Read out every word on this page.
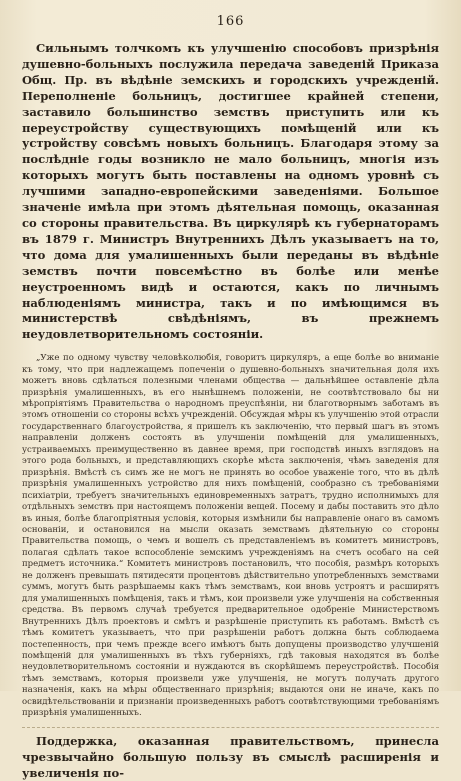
166

Сильнымъ толчкомъ къ улучшенію способовъ призрѣнія душевно-больныхъ послужила передача заведеній Приказа Общ. Пр. въ вѣдѣніе земскихъ и городскихъ учрежденій. Переполненіе больницъ, достигшее крайней степени, заставило большинство земствъ приступить или къ переустройству существующихъ помѣщеній или къ устройству совсѣмъ новыхъ больницъ. Благодаря этому за послѣдніе годы возникло не мало больницъ, многія изъ которыхъ могутъ быть поставлены на одномъ уровнѣ съ лучшими западно-европейскими заведеніями. Большое значеніе имѣла при этомъ дѣятельная помощь, оказанная со стороны правительства. Въ циркулярѣ къ губернаторамъ въ 1879 г. Министръ Внутреннихъ Дѣлъ указываетъ на то, что дома для умалишенныхъ были переданы въ вѣдѣніе земствъ почти повсемѣстно въ болѣе или менѣе неустроенномъ видѣ и остаются, какъ по личнымъ наблюденіямъ министра, такъ и по имѣющимся въ министерствѣ свѣдѣніямъ, въ прежнемъ неудовлетворительномъ состояніи.

„Уже по одному чувству человѣколюбія, говоритъ циркуляръ, а еще болѣе во вниманіе къ тому, что при надлежащемъ попеченіи о душевно-больныхъ значительная доля ихъ можетъ вновь сдѣлаться полезными членами общества — дальнѣйшее оставленіе дѣла призрѣнія умалишенныхъ, въ его нынѣшнемъ положеніи, не соотвѣтствовало бы ни мѣропріятіямъ Правительства о народномъ преуспѣяніи, ни благотворнымъ заботамъ въ этомъ отношеніи со стороны всѣхъ учрежденій. Обсуждая мѣры къ улучшенію этой отрасли государственнаго благоустройства, я пришелъ къ заключенію, что первый шагъ въ этомъ направленіи долженъ состоять въ улучшеніи помѣщеній для умалишенныхъ, устраиваемыхъ преимущественно въ давнее время, при господствѣ иныхъ взглядовъ на этого рода больныхъ, и представляющихъ скорѣе мѣста заключенія, чѣмъ заведенія для призрѣнія. Вмѣстѣ съ симъ же не могъ не принять во особое уваженіе того, что въ дѣлѣ призрѣнія умалишенныхъ устройство для нихъ помѣщеній, сообразно съ требованіями психіатріи, требуетъ значительныхъ единовременныхъ затратъ, трудно исполнимыхъ для отдѣльныхъ земствъ при настоящемъ положеніи вещей. Посему и дабы поставить это дѣло въ иныя, болѣе благопріятныя условія, которыя измѣнили бы направленіе онаго въ самомъ основаніи, и остановился на мысли оказать земствамъ дѣятельную со стороны Правительства помощь, о чемъ и вошелъ съ представленіемъ въ комитетъ министровъ, полагая сдѣлать такое вспособленіе земскимъ учрежденіямъ на счетъ особаго на сей предметъ источника.“ Комитетъ министровъ постановилъ, что пособія, размѣръ которыхъ не долженъ превышать пятидесяти процентовъ дѣйствительно употребленныхъ земствами суммъ, могутъ быть разрѣшаемы какъ тѣмъ земствамъ, кои вновь устроятъ и расширятъ для умалишенныхъ помѣщенія, такъ и тѣмъ, кои произвели уже улучшенія на собственныя средства. Въ первомъ случаѣ требуется предварительное одобреніе Министерствомъ Внутреннихъ Дѣлъ проектовъ и смѣтъ и разрѣшеніе приступить къ работамъ. Вмѣстѣ съ тѣмъ комитетъ указываетъ, что при разрѣшеніи работъ должна быть соблюдаема постепенность, при чемъ прежде всего имѣютъ быть допущены производство улучшеній помѣщеній для умалишенныхъ въ тѣхъ губерніяхъ, гдѣ таковыя находятся въ болѣе неудовлетворительномъ состояніи и нуждаются въ скорѣйшемъ переустройствѣ. Пособія тѣмъ земствамъ, которыя произвели уже улучшенія, не могутъ получать другого назначенія, какъ на мѣры общественнаго призрѣнія; выдаются они не иначе, какъ по освидѣтельствованіи и признаніи произведенныхъ работъ соотвѣтствующими требованіямъ призрѣнія умалишенныхъ.

Поддержка, оказанная правительствомъ, принесла чрезвычайно большую пользу въ смыслѣ расширенія и увеличенія по-
